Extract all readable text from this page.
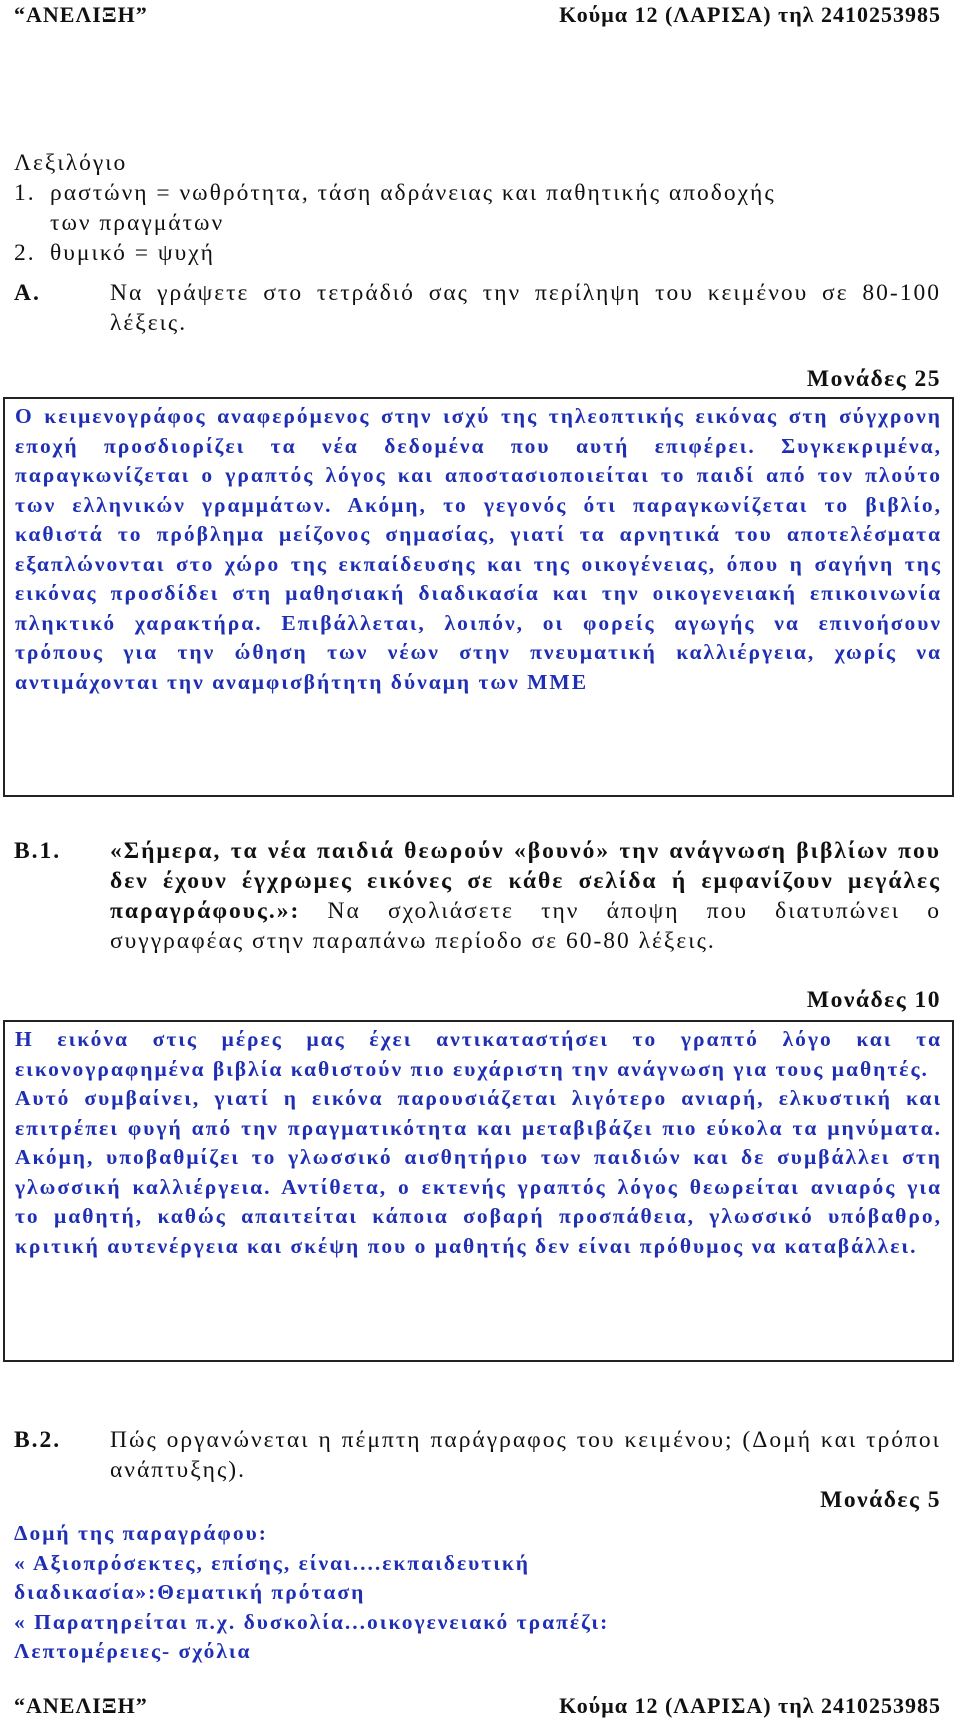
“ΑΝΕΛΙΞΗ”	Κούμα 12 (ΛΑΡΙΣΑ) τηλ 2410253985
Λεξιλόγιο
1. ραστώνη = νωθρότητα, τάση αδράνειας και παθητικής αποδοχής
των πραγμάτων
2. θυμικό = ψυχή
Α.	Να γράψετε στο τετράδιό σας την περίληψη του κειμένου σε 80-100 λέξεις.
Μονάδες 25

Ο κειμενογράφος αναφερόμενος στην ισχύ της τηλεοπτικής εικόνας στη σύγχρονη εποχή προσδιορίζει τα νέα δεδομένα που αυτή επιφέρει. Συγκεκριμένα, παραγκωνίζεται ο γραπτός λόγος και αποστασιοποιείται το παιδί από τον πλούτο των ελληνικών γραμμάτων. Ακόμη, το γεγονός ότι παραγκωνίζεται το βιβλίο, καθιστά το πρόβλημα μείζονος σημασίας, γιατί τα αρνητικά του αποτελέσματα εξαπλώνονται στο χώρο της εκπαίδευσης και της οικογένειας, όπου η σαγήνη της εικόνας προσδίδει στη μαθησιακή διαδικασία και την οικογενειακή επικοινωνία πληκτικό χαρακτήρα. Επιβάλλεται, λοιπόν, οι φορείς αγωγής να επινοήσουν τρόπους για την ώθηση των νέων στην πνευματική καλλιέργεια, χωρίς να αντιμάχονται την αναμφισβήτητη δύναμη των ΜΜΕ

Β.1. «Σήμερα, τα νέα παιδιά θεωρούν «βουνό» την ανάγνωση βιβλίων που δεν έχουν έγχρωμες εικόνες σε κάθε σελίδα ή εμφανίζουν μεγάλες παραγράφους.»: Να σχολιάσετε την άποψη που διατυπώνει ο συγγραφέας στην παραπάνω περίοδο σε 60-80 λέξεις.
Μονάδες 10

Η εικόνα στις μέρες μας έχει αντικαταστήσει το γραπτό λόγο και τα εικονογραφημένα βιβλία καθιστούν πιο ευχάριστη την ανάγνωση για τους μαθητές.

Αυτό συμβαίνει, γιατί η εικόνα παρουσιάζεται λιγότερο ανιαρή, ελκυστική και επιτρέπει φυγή από την πραγματικότητα και μεταβιβάζει πιο εύκολα τα μηνύματα. Ακόμη, υποβαθμίζει το γλωσσικό αισθητήριο των παιδιών και δε συμβάλλει στη γλωσσική καλλιέργεια. Αντίθετα, ο εκτενής γραπτός λόγος θεωρείται ανιαρός για το μαθητή, καθώς απαιτείται κάποια σοβαρή προσπάθεια, γλωσσικό υπόβαθρο, κριτική αυτενέργεια και σκέψη που ο μαθητής δεν είναι πρόθυμος να καταβάλλει.

Β.2. Πώς οργανώνεται η πέμπτη παράγραφος του κειμένου; (Δομή και τρόποι ανάπτυξης).
Μονάδες 5
Δομή της παραγράφου:
« Αξιοπρόσεκτες, επίσης, είναι....εκπαιδευτική
διαδικασία»:Θεματική πρόταση
« Παρατηρείται π.χ. δυσκολία...οικογενειακό τραπέζι:
Λεπτομέρειες- σχόλια
“ΑΝΕΛΙΞΗ”	Κούμα 12 (ΛΑΡΙΣΑ) τηλ 2410253985
